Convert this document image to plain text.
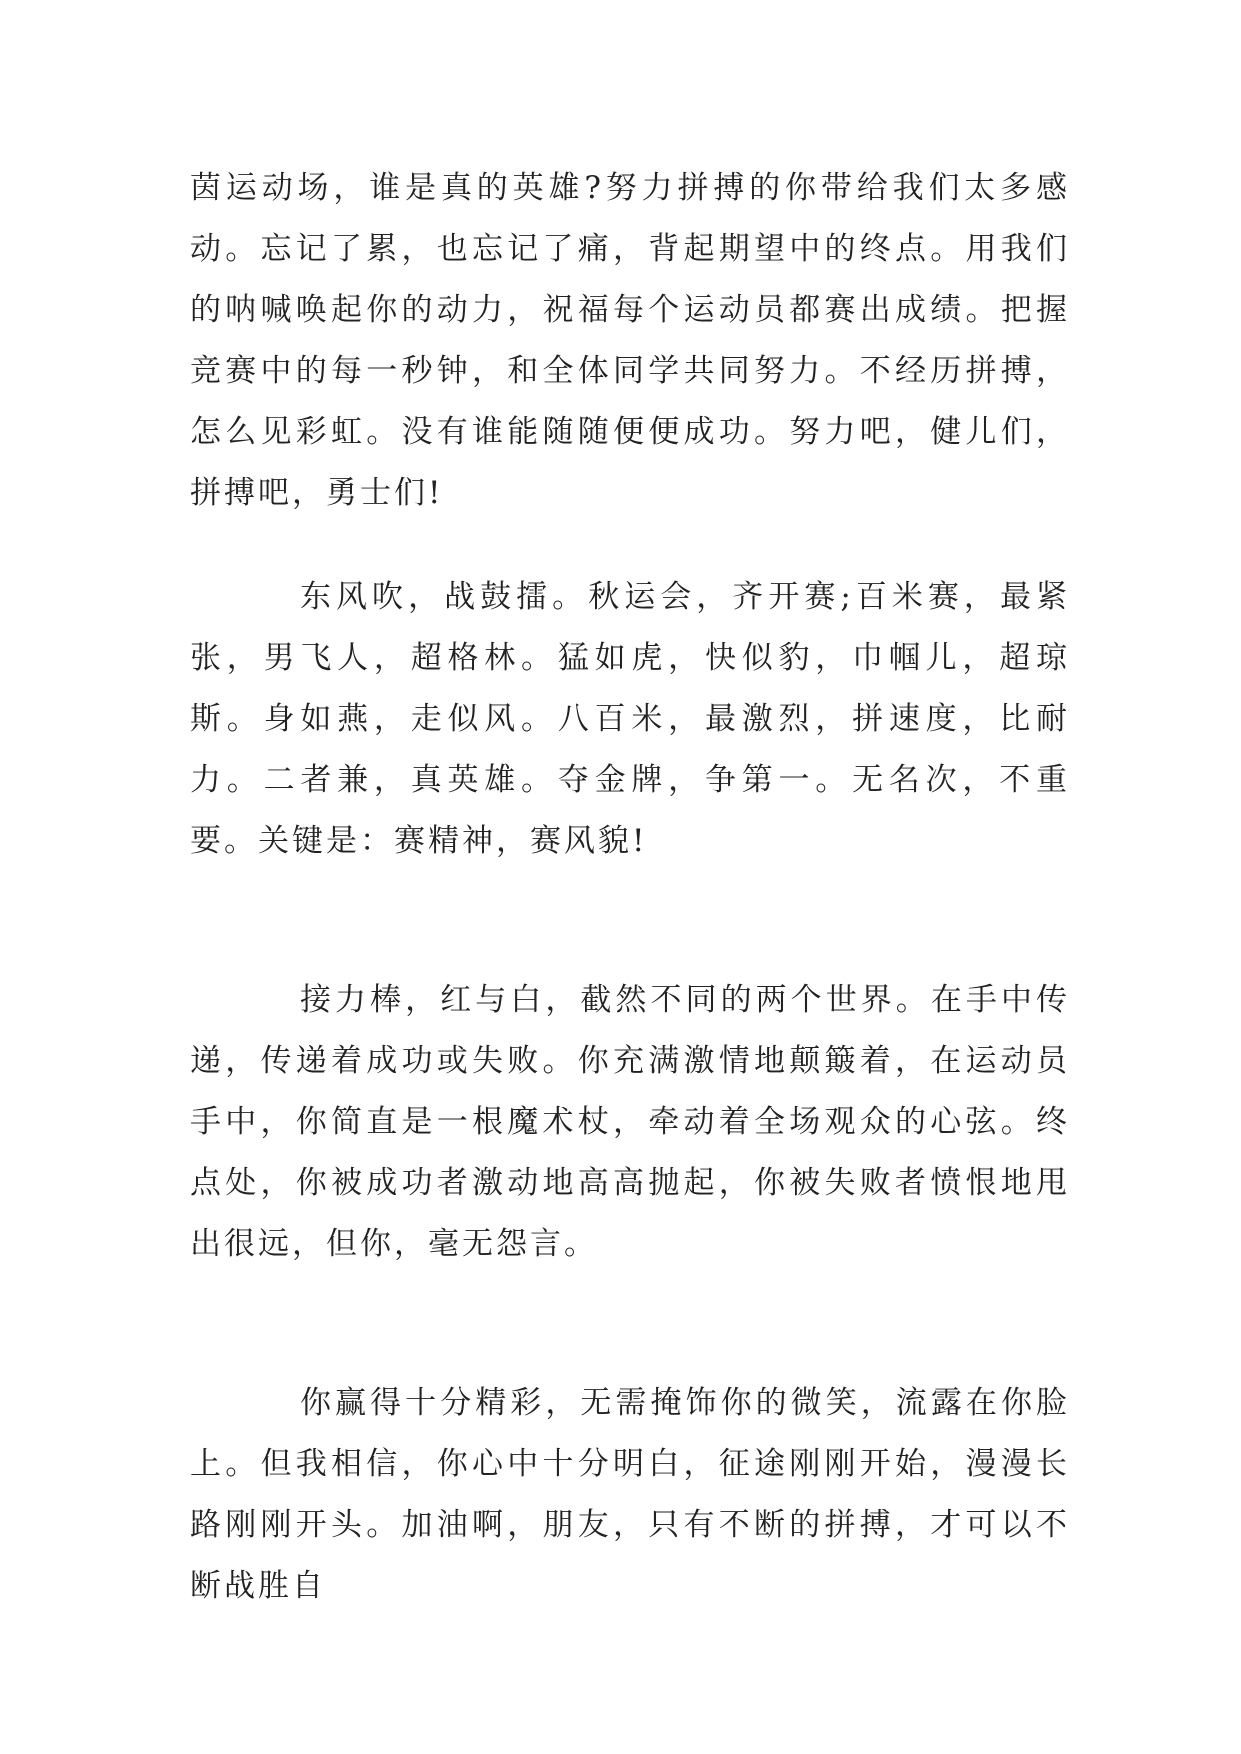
茵运动场，谁是真的英雄?努力拼搏的你带给我们太多感动。忘记了累，也忘记了痛，背起期望中的终点。用我们的呐喊唤起你的动力，祝福每个运动员都赛出成绩。把握竞赛中的每一秒钟，和全体同学共同努力。不经历拼搏，怎么见彩虹。没有谁能随随便便成功。努力吧，健儿们，拼搏吧，勇士们!

东风吹，战鼓擂。秋运会，齐开赛;百米赛，最紧张，男飞人，超格林。猛如虎，快似豹，巾帼儿，超琼斯。身如燕，走似风。八百米，最激烈，拼速度，比耐力。二者兼，真英雄。夺金牌，争第一。无名次，不重要。关键是：赛精神，赛风貌!

接力棒，红与白，截然不同的两个世界。在手中传递，传递着成功或失败。你充满激情地颠簸着，在运动员手中，你简直是一根魔术杖，牵动着全场观众的心弦。终点处，你被成功者激动地高高抛起，你被失败者愤恨地甩出很远，但你，毫无怨言。

你赢得十分精彩，无需掩饰你的微笑，流露在你脸上。但我相信，你心中十分明白，征途刚刚开始，漫漫长路刚刚开头。加油啊，朋友，只有不断的拼搏，才可以不断战胜自
